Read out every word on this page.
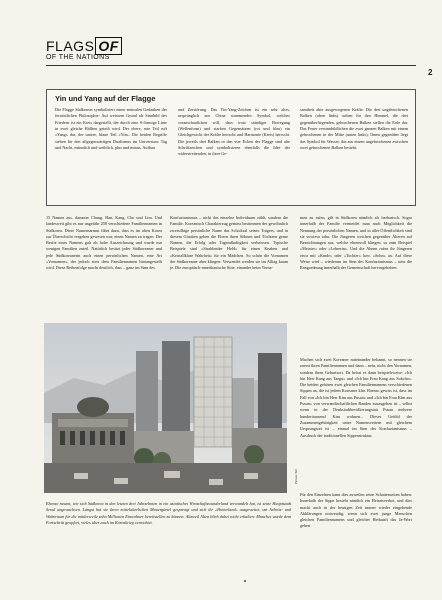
FLAGS OF
OF THE NATIONS
2
Yin und Yang auf der Flagge
Die Flagge Südkoreas symbolisiert einen zentralen Gedanken der fernöstlichen Philosophie: Auf weissem Grund als Sinnbild des Friedens ist ein Kreis dargestellt, der durch eine S-förmige Linie in zwei gleiche Hälften geteilt wird. Der obere, rote Teil ruft «Yang» dar, der untere, blaue Teil «Yin». Die beiden Begriffe stehen für den allgegenwärtigen Dualismus im Universum: Tag und Nacht, männlich und weiblich, plus und minus, Aufbau
und Zerstörung. Das Yin-Yang-Zeichen ist ein sehr altes, ursprünglich aus China stammendes Symbol, welches veranschaulichen will, dass trotz ständiger Bewegung (Wellenform) und starken Gegensätzen (rot und blau) ein Gleichgewicht der Kräfte herrscht und Harmonie (Kreis) herrscht. Die jeweils drei Balken in den vier Ecken der Flagge sind alte Schriftzeichen und symbolisieren ebenfalls die Idee der widerstreitenden, in ihrer Ge-
samtheit aber ausgewogenen Kräfte. Die drei ungebrochenen Balken (oben links) stehen für den Himmel, die drei gegenüberliegenden, gebrochenen Balken stellen die Erde dar. Das Feuer versinnbildlichen die zwei ganzen Balken mit einem gebrochenen in der Mitte (unten links); Ihnen gegenüber liegt das Symbol für Wasser, das aus einem ungebrochenen zwischen zwei gebrochenen Balken besteht.
15 Namen aus, darunter Chung, Han, Kang, Cho und Lim. Und landesweit gibt es nur ungefähr 250 verschiedene Familiennamen in Südkorea. Diese Namensarmut führt dazu, dass es im alten Korea zur Überschicht vergeben gewesen war, einen Namen zu tragen. Der Besitz eines Namens galt als hohe Auszeichnung und wurde nur wenigen Familien zuteil. Natürlich besitzt jeder Südkoreaner und jede Südkoreanerin auch einen persönlichen Namen, eine Art «Vornamen», der jedoch stets dem Familiennamen hintangestellt wird. Diese Reihenfolge macht deutlich, dass – ganz im Sinn des
Konfuzianismus – nicht das einzelne Individuum zählt, sondern die Familie. Koreanisch Charakterzug gemäss bestimmen der gewöhnlich zweisilbige persönliche Name das Schicksal seines Trägers, und in diesem Glauben geben die Eltern ihren Söhnen und Töchtern gerne Namen, die Erfolg oder Tugendhaftigkeit verheissen. Typische Beispiele sind «Strahlender Held» für einen Knaben und «Kristallklare Wahrheit» für ein Mädchen. So schön die Vornamen der Südkoreaner aber klingen: Verwendet werden sie im Alltag kaum je. Die europäisch-amerikanische Sitte, einander beim Vorna-
men zu rufen, gilt in Südkorea nämlich als barbarisch. Sogar innerhalb der Familie vermeidet man nach Möglichkeit die Nennung der persönlichen Namen, und in aller Öffentlichkeit sind sie sowieso tabu. Die Jüngeren weichen gegenüber Älteren auf Bezeichnungen aus, welche ehrenvoll klingen, so zum Beispiel «Meister» oder «Lehrerin». Und die Ahnen rufen ihr Jüngeren etwa mit «Kinde» oder «Tochter» bzw. «Sohn» an. Auf diese Weise wird – wiederum im Sinn des Konfuzianismus – stets die Rangordnung innerhalb der Gemeinschaft hervorgehoben.
Machen sich zwei Koreaner miteinander bekannt, so nennen sie zuerst ihren Familiennamen und dann – nein, nicht den Vornamen, sondern ihren Geburtsort. Da heisst es dann beispielsweise: «Ich bin Herr Kang aus Taegu» und «Ich bin Frau Kang aus Sokcho». Die beiden gehören zwei gleichen Familiennamens verschiedenen Sippen an, die ist jedem Koreaner klar. Ebenso gewiss ist, dass im Fall von «Ich bin Herr Kim aus Pusan» und «Ich bin Frau Kim aus Pusan» von verwandtschaftlichen Banden auszugehen ist – selbst wenn in der Denkstadtbevölkerungstatt Pusan mehrere hunderttausend Kim wohnen... Dieses Gefühl der Zusammengehörigkeit unter Namensvettern mit gleichem Ursprungsort ist – einmal im Sinn des Konfuzianismus – Ausdruck der traditionellen Sippenstruktur.
Für den Einzelnen kann dies zuweilen seine Schattenseiten haben: Innerhalb der Sippe besteht nämlich ein Heiratsverbot, und dies macht auch in der heutigen Zeit immer wieder eingehende Abklärungen notwendig, wenn sich zwei junge Menschen gleichen Familiennamens und gleicher Herkunft das Ja-Wort geben
Picture Tell
Ebenso rasant, wie sich Südkorea in den letzten drei Jahrzehnten in ein asiatisches Wirtschaftswunderland verwandelt hat, ist seine Hauptstadt Seoul angewachsen. Längst hat sie ihren mittelalterlichen Mauergürtel gesprengt und sich ihr «Hinterland» ausgeweitet, um Arbeits- und Wohnraum für die mittlerweile zehn Millionen Einwohner bereitstellen zu können. Altzweil Alten blieb dabei nicht erhalten: Manches wurde dem Fortschritt geopfert, vieles aber auch im Koreakrieg vernichtet.
